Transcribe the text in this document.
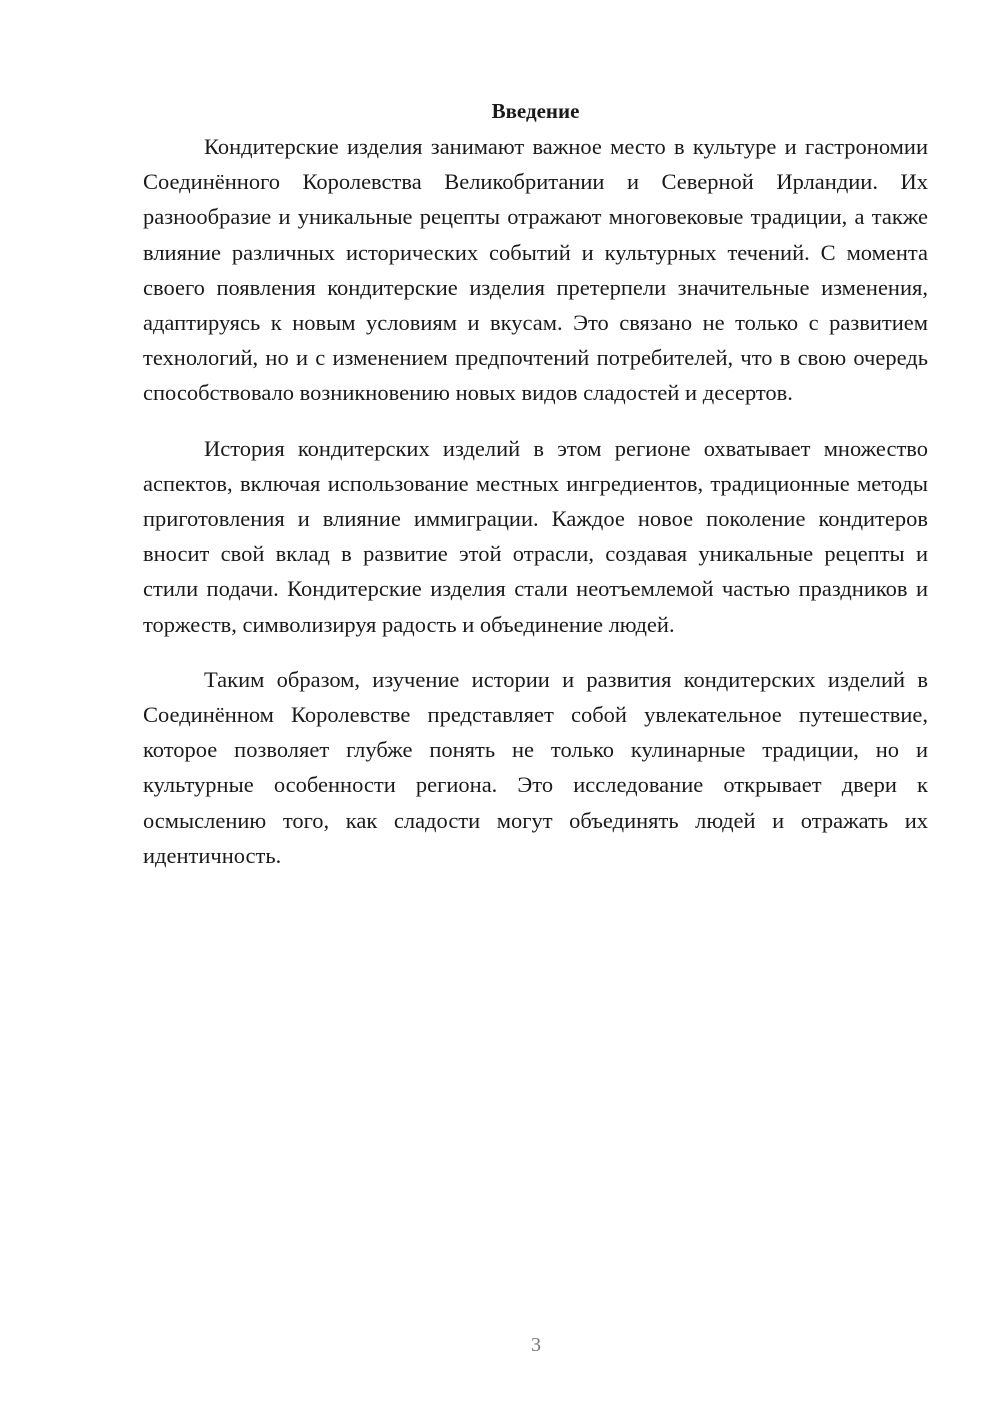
Введение

Кондитерские изделия занимают важное место в культуре и гастрономии Соединённого Королевства Великобритании и Северной Ирландии. Их разнообразие и уникальные рецепты отражают многовековые традиции, а также влияние различных исторических событий и культурных течений. С момента своего появления кондитерские изделия претерпели значительные изменения, адаптируясь к новым условиям и вкусам. Это связано не только с развитием технологий, но и с изменением предпочтений потребителей, что в свою очередь способствовало возникновению новых видов сладостей и десертов.

История кондитерских изделий в этом регионе охватывает множество аспектов, включая использование местных ингредиентов, традиционные методы приготовления и влияние иммиграции. Каждое новое поколение кондитеров вносит свой вклад в развитие этой отрасли, создавая уникальные рецепты и стили подачи. Кондитерские изделия стали неотъемлемой частью праздников и торжеств, символизируя радость и объединение людей.

Таким образом, изучение истории и развития кондитерских изделий в Соединённом Королевстве представляет собой увлекательное путешествие, которое позволяет глубже понять не только кулинарные традиции, но и культурные особенности региона. Это исследование открывает двери к осмыслению того, как сладости могут объединять людей и отражать их идентичность.

3
